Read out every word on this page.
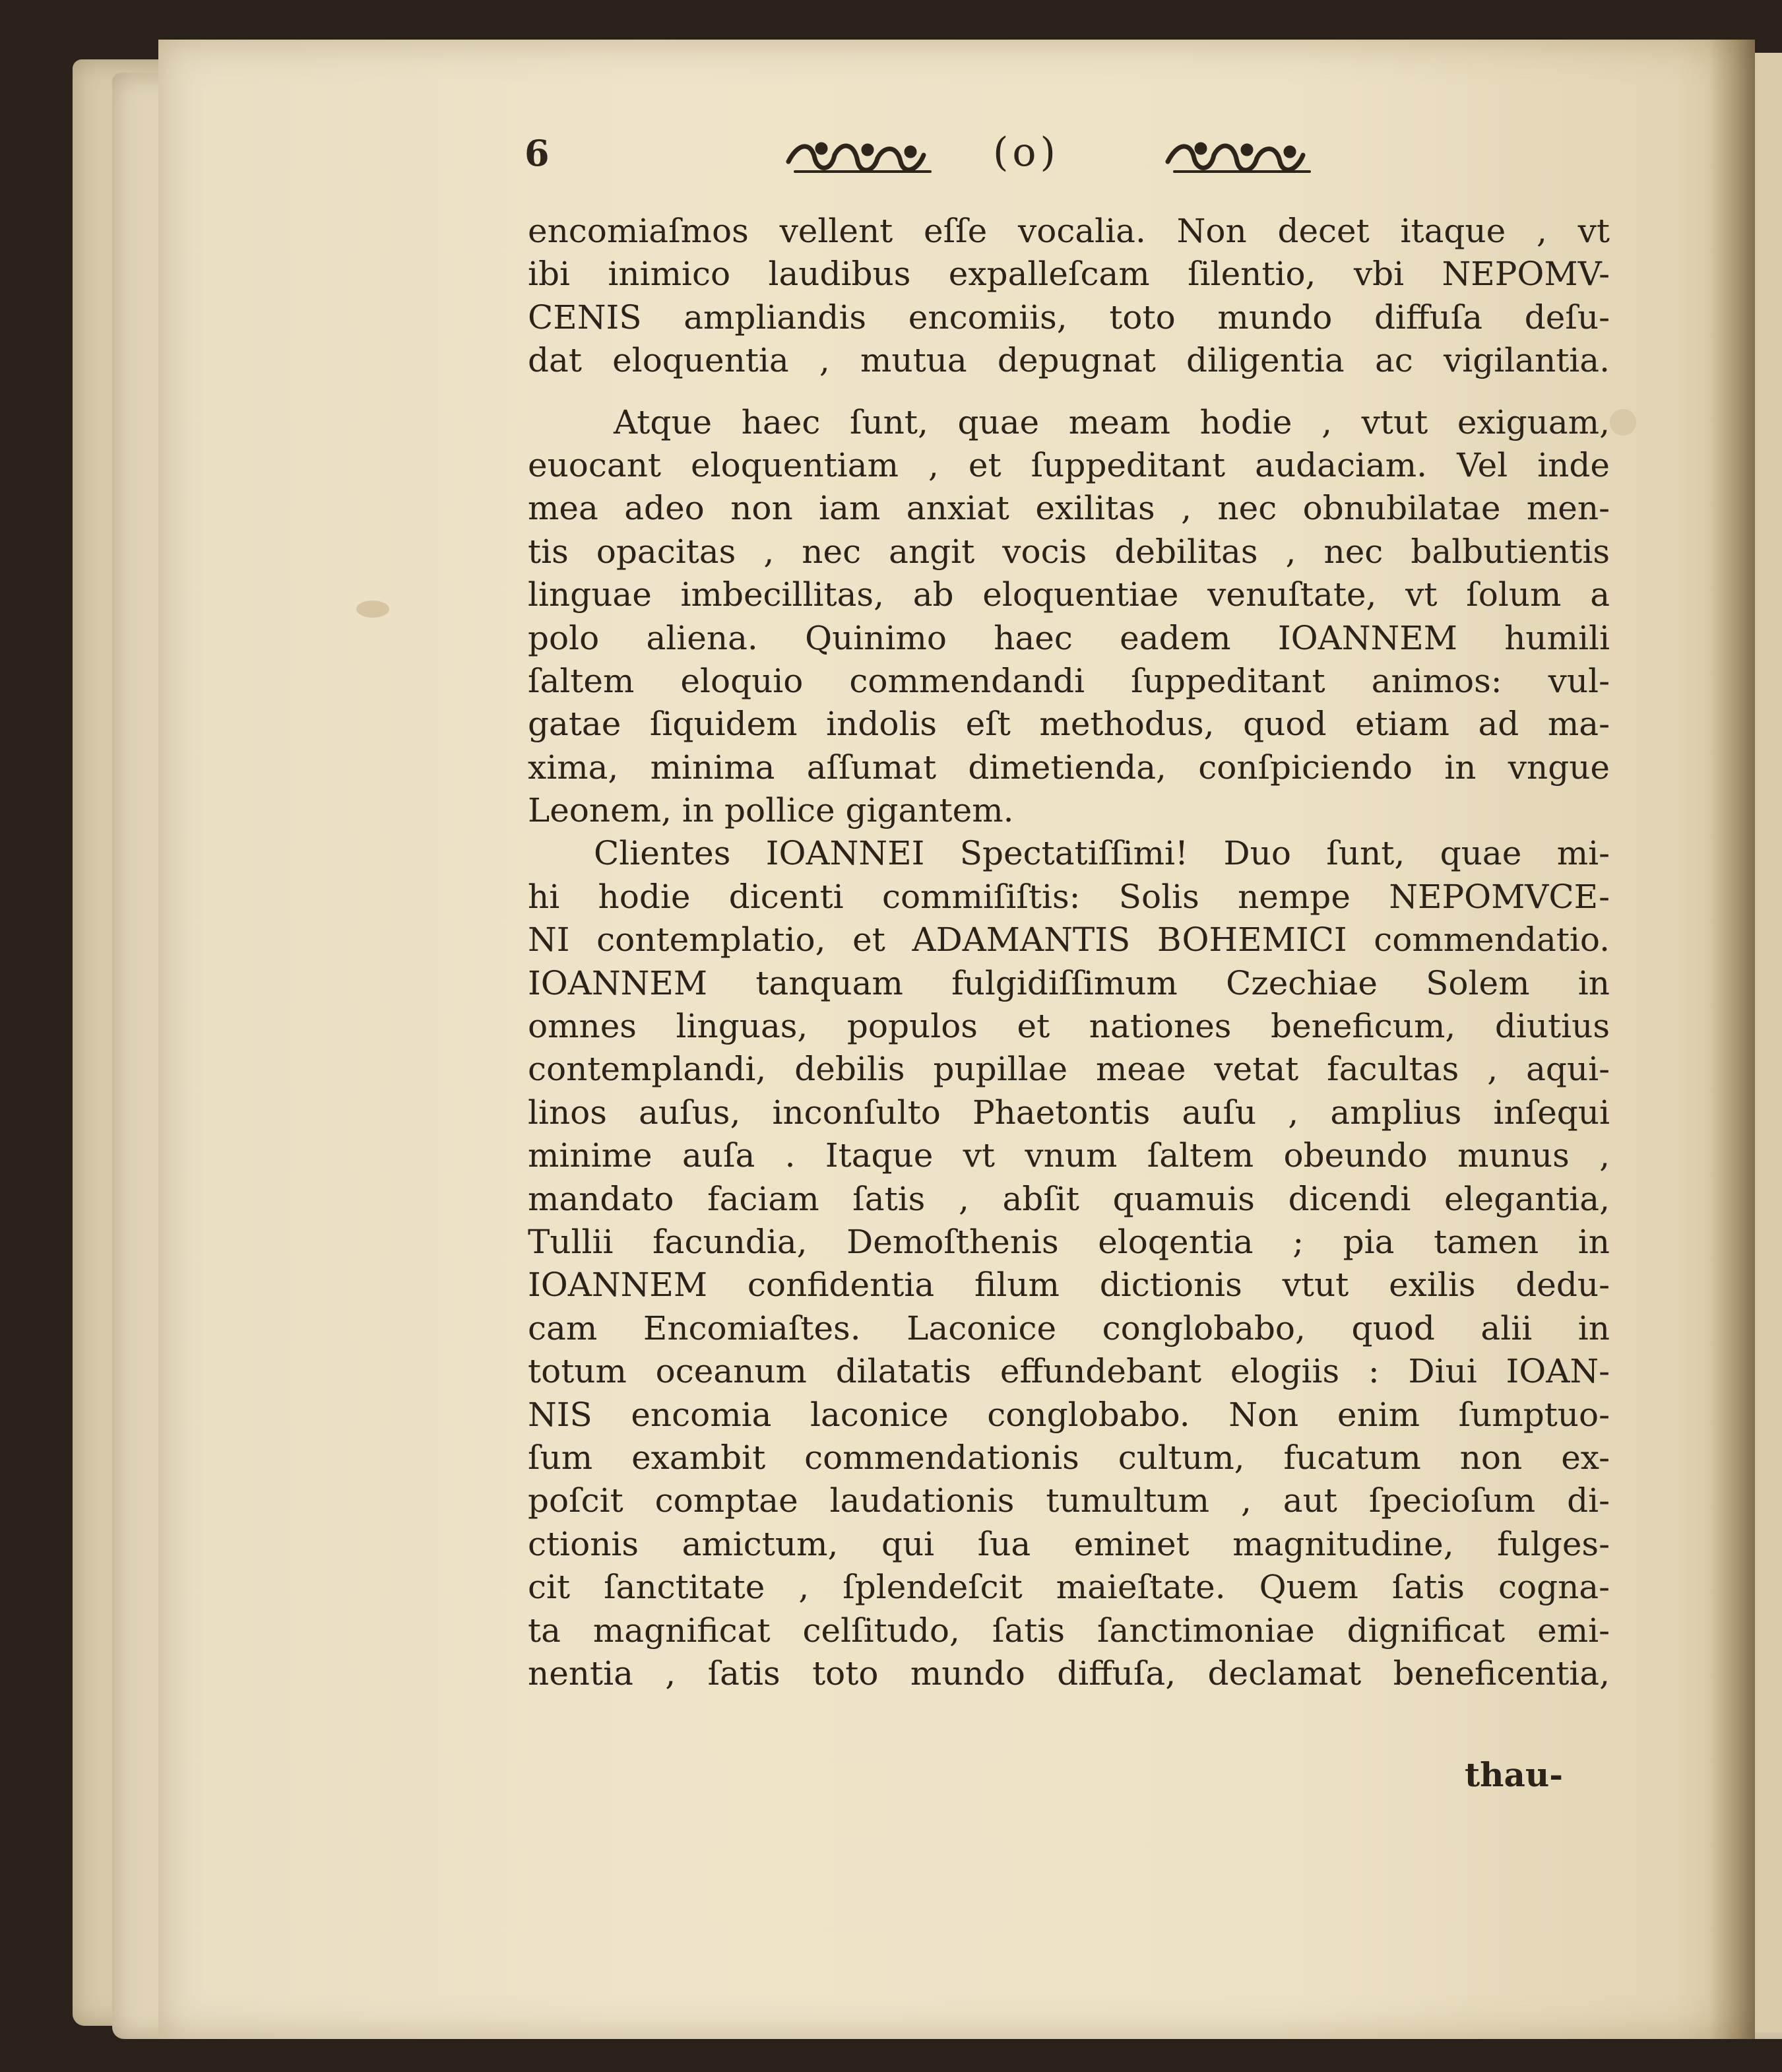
6	(o)
encomiaſmos vellent eſſe vocalia. Non decet itaque , vt
ibi inimico laudibus expalleſcam ſilentio, vbi NEPOMV-
CENIS ampliandis encomiis, toto mundo diffuſa deſu-
dat eloquentia , mutua depugnat diligentia ac vigilantia.
Atque haec ſunt, quae meam hodie , vtut exiguam,
euocant eloquentiam , et ſuppeditant audaciam. Vel inde
mea adeo non iam anxiat exilitas , nec obnubilatae men-
tis opacitas , nec angit vocis debilitas , nec balbutientis
linguae imbecillitas, ab eloquentiae venuſtate, vt ſolum a
polo aliena. Quinimo haec eadem IOANNEM humili
ſaltem eloquio commendandi ſuppeditant animos: vul-
gatae ſiquidem indolis eſt methodus, quod etiam ad ma-
xima, minima aſſumat dimetienda, conſpiciendo in vngue
Leonem, in pollice gigantem.
Clientes IOANNEI Spectatiſſimi! Duo ſunt, quae mi-
hi hodie dicenti commiſiſtis: Solis nempe NEPOMVCE-
NI contemplatio, et ADAMANTIS BOHEMICI commendatio.
IOANNEM tanquam fulgidiſſimum Czechiae Solem in
omnes linguas, populos et nationes beneficum, diutius
contemplandi, debilis pupillae meae vetat facultas , aqui-
linos auſus, inconſulto Phaetontis auſu , amplius inſequi
minime auſa . Itaque vt vnum ſaltem obeundo munus ,
mandato faciam ſatis , abſit quamuis dicendi elegantia,
Tullii facundia, Demoſthenis eloqentia ; pia tamen in
IOANNEM confidentia filum dictionis vtut exilis dedu-
cam Encomiaſtes. Laconice conglobabo, quod alii in
totum oceanum dilatatis effundebant elogiis : Diui IOAN-
NIS encomia laconice conglobabo. Non enim ſumptuo-
ſum exambit commendationis cultum, fucatum non ex-
poſcit comptae laudationis tumultum , aut ſpecioſum di-
ctionis amictum, qui ſua eminet magnitudine, fulges-
cit ſanctitate , ſplendeſcit maieſtate. Quem ſatis cogna-
ta magnificat celſitudo, ſatis ſanctimoniae dignificat emi-
nentia , ſatis toto mundo diffuſa, declamat beneficentia,
thau-
